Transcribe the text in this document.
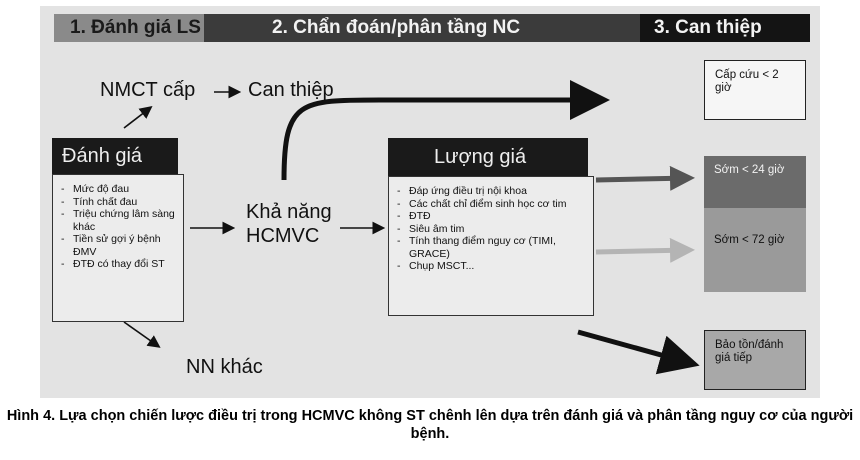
1. Đánh giá LS	2. Chẩn đoán/phân tầng NC	3. Can thiệp
NMCT cấp	Can thiệp
Đánh giá
- Mức độ đau
- Tính chất đau
- Triệu chứng lâm sàng khác
- Tiền sử gợi ý bệnh ĐMV
- ĐTĐ có thay đổi ST
Khả năng HCMVC
NN khác
Lượng giá
- Đáp ứng điều trị nội khoa
- Các chất chỉ điểm sinh học cơ tim
- ĐTĐ
- Siêu âm tim
- Tính thang điểm nguy cơ (TIMI, GRACE)
- Chụp MSCT...
Cấp cứu < 2 giờ
Sớm < 24 giờ
Sớm < 72 giờ
Bảo tồn/đánh giá tiếp
Hình 4. Lựa chọn chiến lược điều trị trong HCMVC không ST chênh lên dựa trên đánh giá và phân tầng nguy cơ của người bệnh.
